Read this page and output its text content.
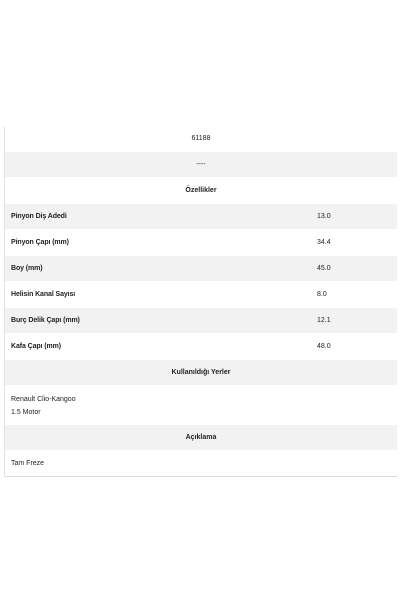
61188
----
Özellikler
Pinyon Diş Adedi	13.0
Pinyon Çapı (mm)	34.4
Boy (mm)	45.0
Helisin Kanal Sayısı	8.0
Burç Delik Çapı (mm)	12.1
Kafa Çapı (mm)	48.0
Kullanıldığı Yerler
Renault Clio-Kangoo
1.5 Motor
Açıklama
Tam Freze
